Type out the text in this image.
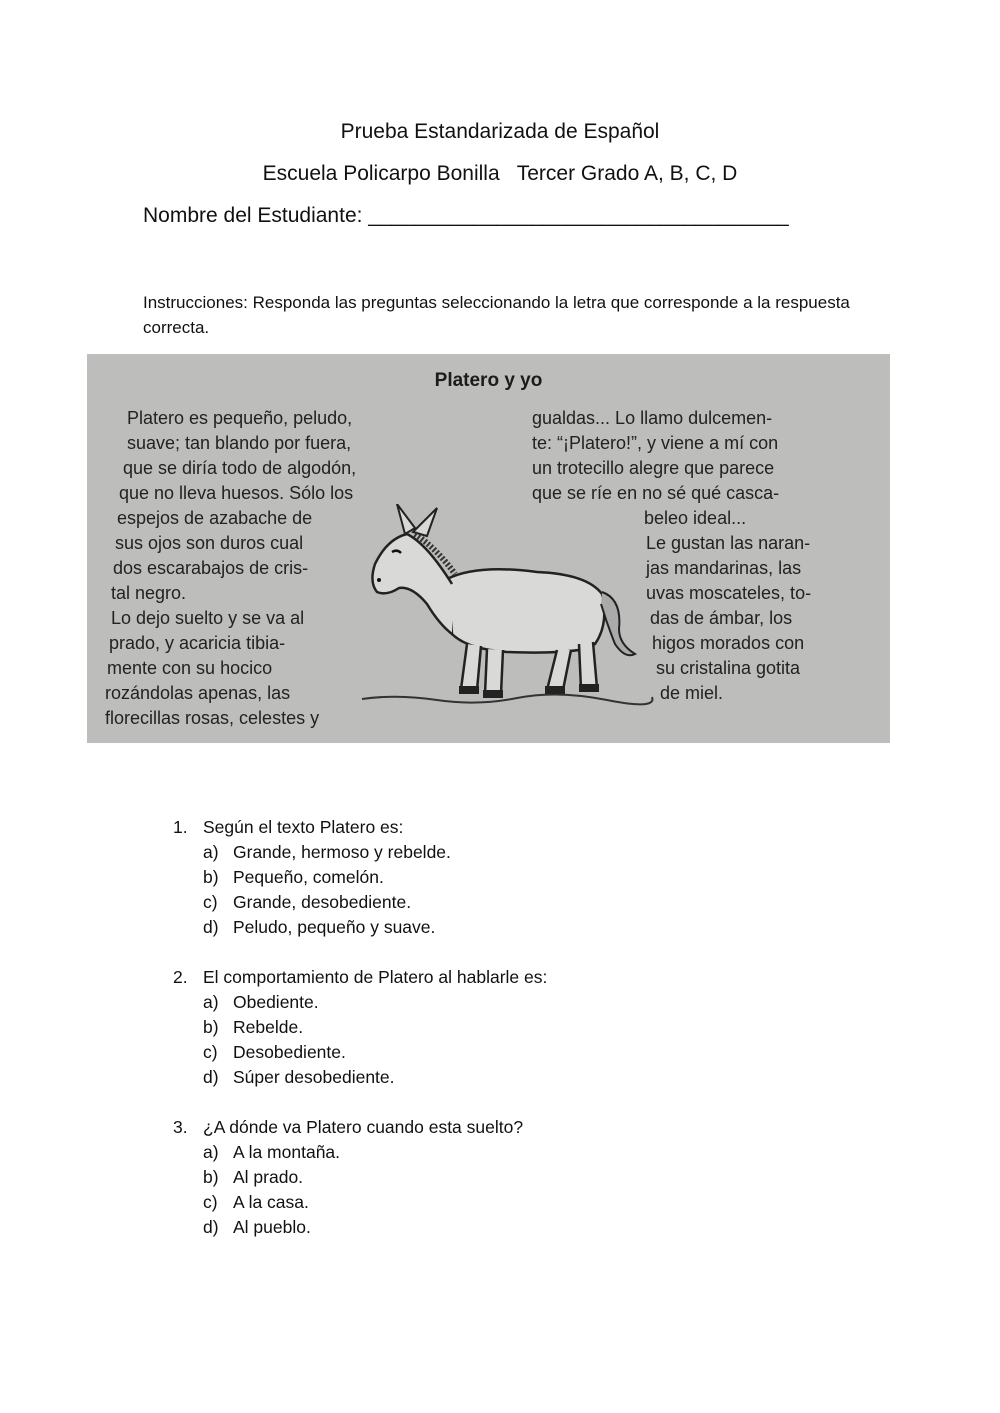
Prueba Estandarizada de Español
Escuela Policarpo Bonilla   Tercer Grado A, B, C, D
Nombre del Estudiante: ____________________________________
Instrucciones: Responda las preguntas seleccionando la letra que corresponde a la respuesta correcta.
Platero y yo
Platero es pequeño, peludo,
suave; tan blando por fuera,
que se diría todo de algodón,
que no lleva huesos. Sólo los
espejos de azabache de
sus ojos son duros cual
dos escarabajos de cris-
tal negro.
Lo dejo suelto y se va al
prado, y acaricia tibia-
mente con su hocico
rozándolas apenas, las
florecillas rosas, celestes y
gualdas... Lo llamo dulcemen-
te: “¡Platero!”, y viene a mí con
un trotecillo alegre que parece
que se ríe en no sé qué casca-
beleo ideal...
Le gustan las naran-
jas mandarinas, las
uvas moscateles, to-
das de ámbar, los
higos morados con
su cristalina gotita
de miel.
1. Según el texto Platero es:
a) Grande, hermoso y rebelde.
b) Pequeño, comelón.
c) Grande, desobediente.
d) Peludo, pequeño y suave.
2. El comportamiento de Platero al hablarle es:
a) Obediente.
b) Rebelde.
c) Desobediente.
d) Súper desobediente.
3. ¿A dónde va Platero cuando esta suelto?
a) A la montaña.
b) Al prado.
c) A la casa.
d) Al pueblo.
